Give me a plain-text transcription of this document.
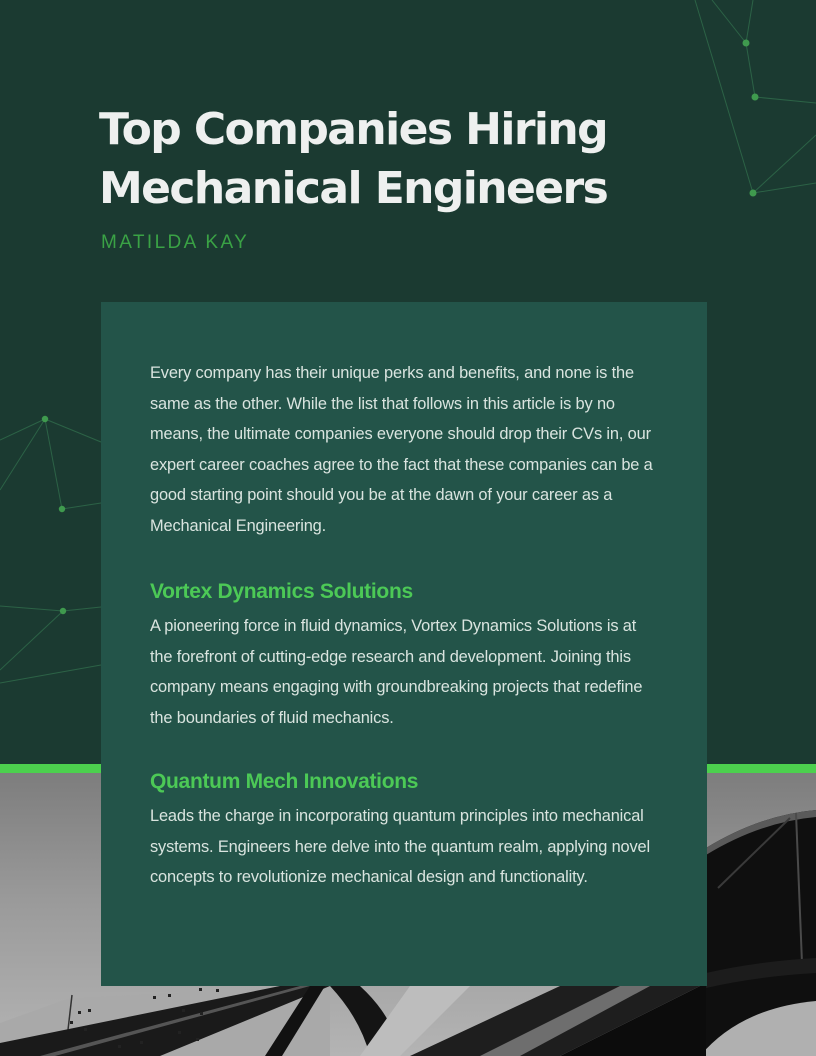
Top Companies Hiring
Mechanical Engineers
MATILDA KAY

Every company has their unique perks and benefits, and none is the same as the other. While the list that follows in this article is by no means, the ultimate companies everyone should drop their CVs in, our expert career coaches agree to the fact that these companies can be a good starting point should you be at the dawn of your career as a Mechanical Engineering.

Vortex Dynamics Solutions

A pioneering force in fluid dynamics, Vortex Dynamics Solutions is at the forefront of cutting-edge research and development. Joining this company means engaging with groundbreaking projects that redefine the boundaries of fluid mechanics.

Quantum Mech Innovations

Leads the charge in incorporating quantum principles into mechanical systems. Engineers here delve into the quantum realm, applying novel concepts to revolutionize mechanical design and functionality.
